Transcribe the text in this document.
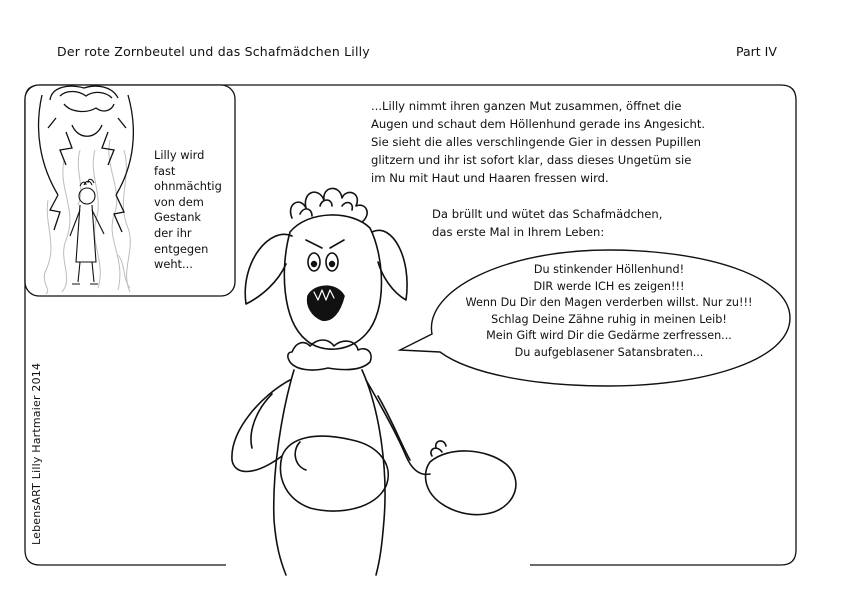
Der rote Zornbeutel und das Schafmädchen Lilly	Part IV
...Lilly nimmt ihren ganzen Mut zusammen, öffnet die
Augen und schaut dem Höllenhund gerade ins Angesicht.
Sie sieht die alles verschlingende Gier in dessen Pupillen
glitzern und ihr ist sofort klar, dass dieses Ungetüm sie
im Nu mit Haut und Haaren fressen wird.
Da brüllt und wütet das Schafmädchen,
das erste Mal in Ihrem Leben:
Lilly wird
fast
ohnmächtig
von dem
Gestank
der ihr
entgegen
weht...	Du stinkender Höllenhund!
DIR werde ICH es zeigen!!!
Wenn Du Dir den Magen verderben willst. Nur zu!!!
Schlag Deine Zähne ruhig in meinen Leib!
Mein Gift wird Dir die Gedärme zerfressen...
Du aufgeblasener Satansbraten...
LebensART Lilly Hartmaier 2014
